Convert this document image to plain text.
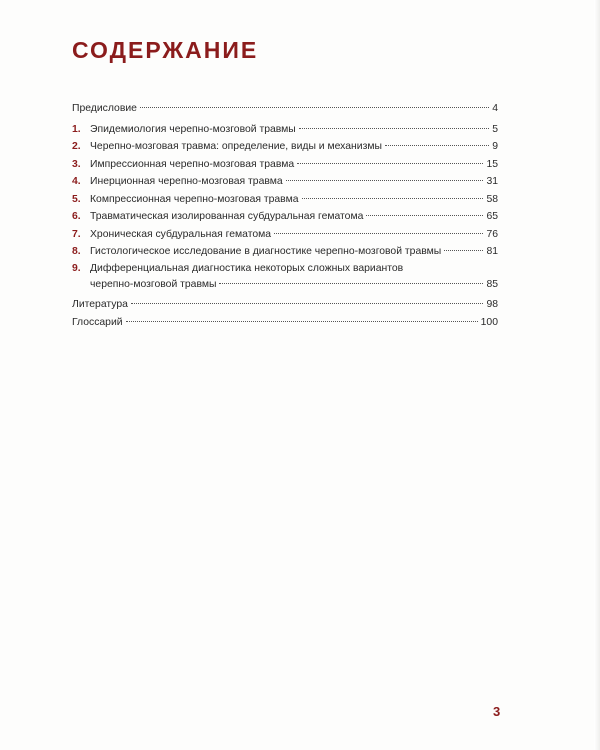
СОДЕРЖАНИЕ
Предисловие	4
1. Эпидемиология черепно-мозговой травмы	5
2. Черепно-мозговая травма: определение, виды и механизмы	9
3. Импрессионная черепно-мозговая травма	15
4. Инерционная черепно-мозговая травма	31
5. Компрессионная черепно-мозговая травма	58
6. Травматическая изолированная субдуральная гематома	65
7. Хроническая субдуральная гематома	76
8. Гистологическое исследование в диагностике черепно-мозговой травмы	81
9. Дифференциальная диагностика некоторых сложных вариантов
черепно-мозговой травмы	85
Литература	98
Глоссарий	100
3
